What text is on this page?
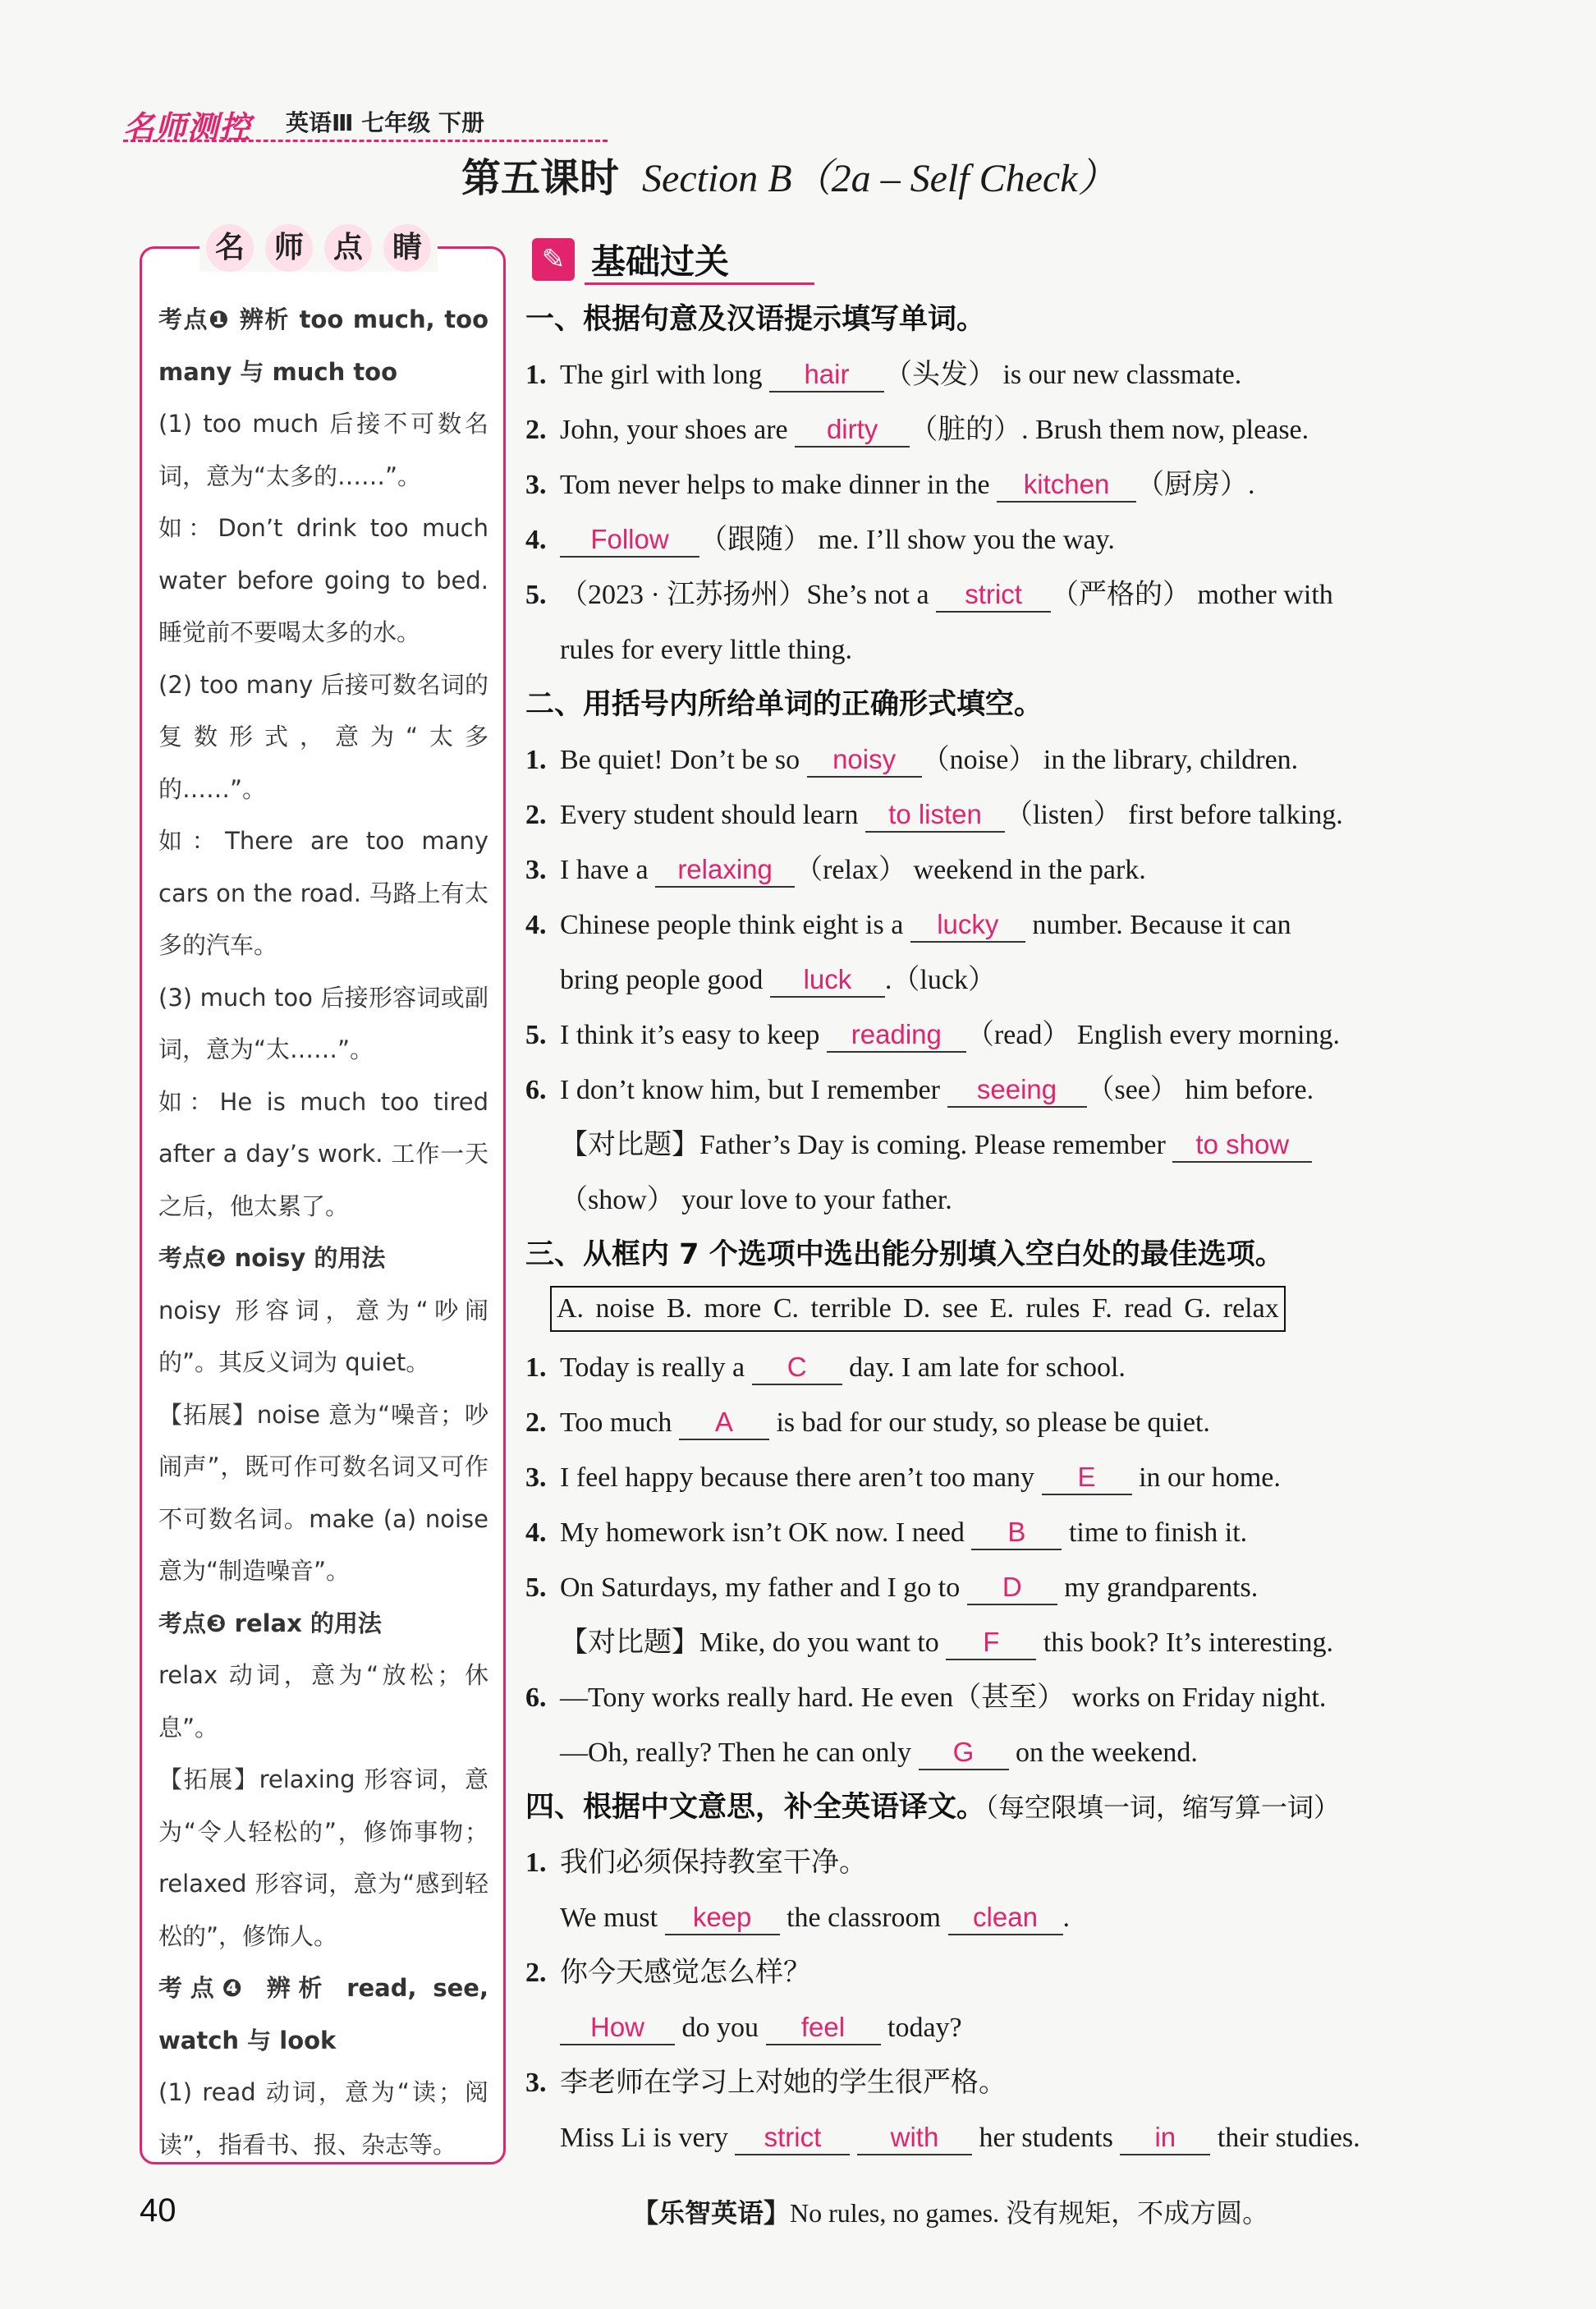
名师测控 英语Ⅲ 七年级 下册
第五课时 Section B（2a – Self Check）
名 师 点 睛

考点❶ 辨析 too much, too many 与 much too

(1) too much 后接不可数名词，意为“太多的……”。

如：Don’t drink too much water before going to bed. 睡觉前不要喝太多的水。

(2) too many 后接可数名词的复数形式，意为“太多的……”。

如：There are too many cars on the road. 马路上有太多的汽车。

(3) much too 后接形容词或副词，意为“太……”。

如：He is much too tired after a day’s work. 工作一天之后，他太累了。

考点❷ noisy 的用法

noisy 形容词，意为“吵闹的”。其反义词为 quiet。

【拓展】noise 意为“噪音；吵闹声”，既可作可数名词又可作不可数名词。make (a) noise 意为“制造噪音”。

考点❸ relax 的用法

relax 动词，意为“放松；休息”。

【拓展】relaxing 形容词，意为“令人轻松的”，修饰事物；relaxed 形容词，意为“感到轻松的”，修饰人。

考点❹ 辨析 read, see, watch 与 look

(1) read 动词，意为“读；阅读”，指看书、报、杂志等。

✎ 基础过关
一、根据句意及汉语提示填写单词。
1. The girl with long hair （头发） is our new classmate.
2. John, your shoes are dirty （脏的）. Brush them now, please.
3. Tom never helps to make dinner in the kitchen （厨房）.
4. Follow （跟随） me. I’ll show you the way.
5. （2023 · 江苏扬州）She’s not a strict （严格的） mother with
rules for every little thing.
二、用括号内所给单词的正确形式填空。
1. Be quiet! Don’t be so noisy （noise） in the library, children.
2. Every student should learn to listen （listen） first before talking.
3. I have a relaxing （relax） weekend in the park.
4. Chinese people think eight is a lucky number. Because it can
bring people good luck .（luck）
5. I think it’s easy to keep reading （read） English every morning.
6. I don’t know him, but I remember seeing （see） him before.
【对比题】Father’s Day is coming. Please remember to show
（show） your love to your father.
三、从框内 7 个选项中选出能分别填入空白处的最佳选项。
A. noise B. more C. terrible D. see E. rules F. read G. relax
1. Today is really a C day. I am late for school.
2. Too much A is bad for our study, so please be quiet.
3. I feel happy because there aren’t too many E in our home.
4. My homework isn’t OK now. I need B time to finish it.
5. On Saturdays, my father and I go to D my grandparents.
【对比题】Mike, do you want to F this book? It’s interesting.
6. —Tony works really hard. He even（甚至） works on Friday night.
—Oh, really? Then he can only G on the weekend.
四、根据中文意思，补全英语译文。（每空限填一词，缩写算一词）
1. 我们必须保持教室干净。
We must keep the classroom clean .
2. 你今天感觉怎么样？
How do you feel today?
3. 李老师在学习上对她的学生很严格。
Miss Li is very strict	with her students in their studies.
40	【乐智英语】No rules, no games. 没有规矩，不成方圆。
